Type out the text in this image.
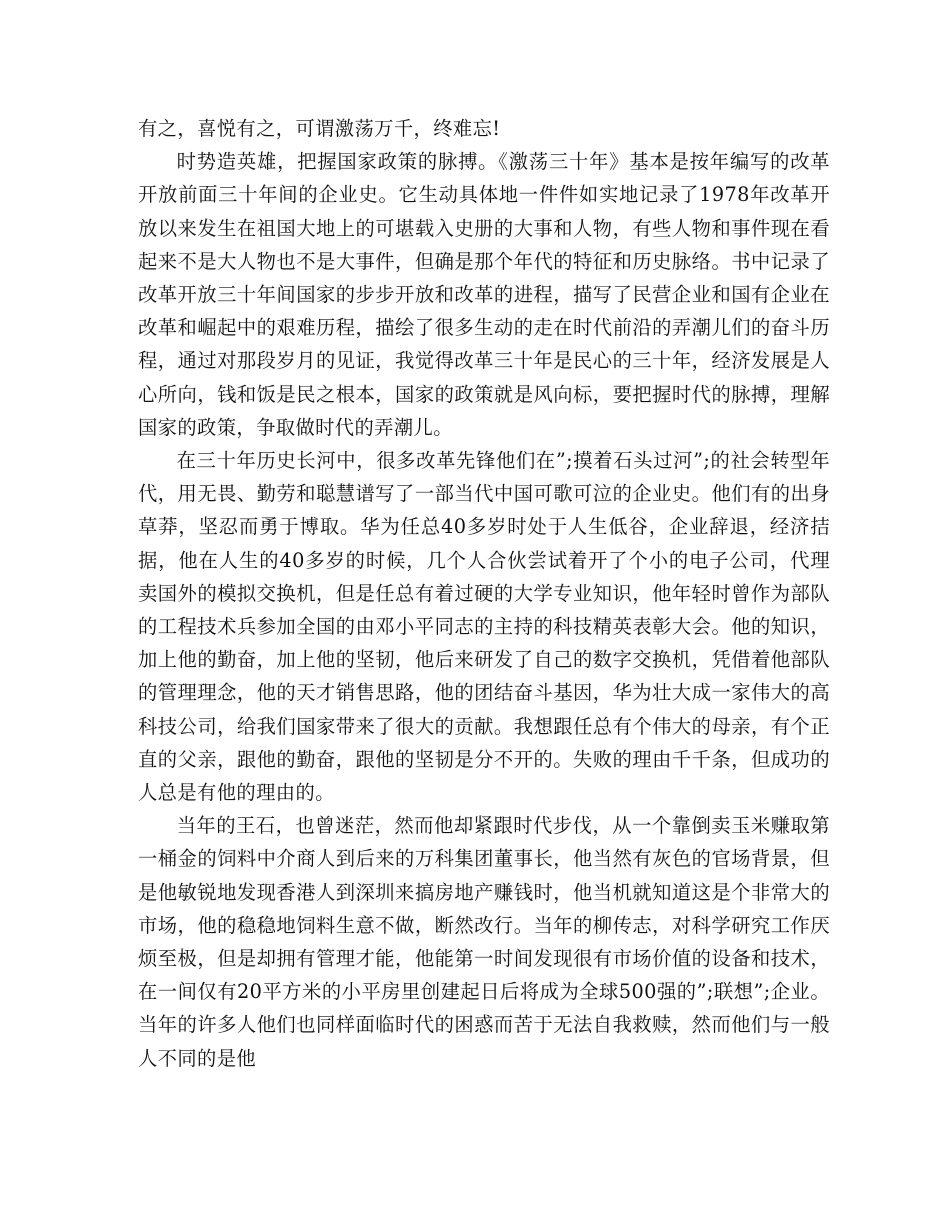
有之，喜悦有之，可谓激荡万千，终难忘!

时势造英雄，把握国家政策的脉搏。《激荡三十年》基本是按年编写的改革开放前面三十年间的企业史。它生动具体地一件件如实地记录了1978年改革开放以来发生在祖国大地上的可堪载入史册的大事和人物，有些人物和事件现在看起来不是大人物也不是大事件，但确是那个年代的特征和历史脉络。书中记录了改革开放三十年间国家的步步开放和改革的进程，描写了民营企业和国有企业在改革和崛起中的艰难历程，描绘了很多生动的走在时代前沿的弄潮儿们的奋斗历程，通过对那段岁月的见证，我觉得改革三十年是民心的三十年，经济发展是人心所向，钱和饭是民之根本，国家的政策就是风向标，要把握时代的脉搏，理解国家的政策，争取做时代的弄潮儿。

在三十年历史长河中，很多改革先锋他们在”;摸着石头过河”;的社会转型年代，用无畏、勤劳和聪慧谱写了一部当代中国可歌可泣的企业史。他们有的出身草莽，坚忍而勇于博取。华为任总40多岁时处于人生低谷，企业辞退，经济拮据，他在人生的40多岁的时候，几个人合伙尝试着开了个小的电子公司，代理卖国外的模拟交换机，但是任总有着过硬的大学专业知识，他年轻时曾作为部队的工程技术兵参加全国的由邓小平同志的主持的科技精英表彰大会。他的知识，加上他的勤奋，加上他的坚韧，他后来研发了自己的数字交换机，凭借着他部队的管理理念，他的天才销售思路，他的团结奋斗基因，华为壮大成一家伟大的高科技公司，给我们国家带来了很大的贡献。我想跟任总有个伟大的母亲，有个正直的父亲，跟他的勤奋，跟他的坚韧是分不开的。失败的理由千千条，但成功的人总是有他的理由的。

当年的王石，也曾迷茫，然而他却紧跟时代步伐，从一个靠倒卖玉米赚取第一桶金的饲料中介商人到后来的万科集团董事长，他当然有灰色的官场背景，但是他敏锐地发现香港人到深圳来搞房地产赚钱时，他当机就知道这是个非常大的市场，他的稳稳地饲料生意不做，断然改行。当年的柳传志，对科学研究工作厌烦至极，但是却拥有管理才能，他能第一时间发现很有市场价值的设备和技术，在一间仅有20平方米的小平房里创建起日后将成为全球500强的”;联想”;企业。当年的许多人他们也同样面临时代的困惑而苦于无法自我救赎，然而他们与一般人不同的是他
